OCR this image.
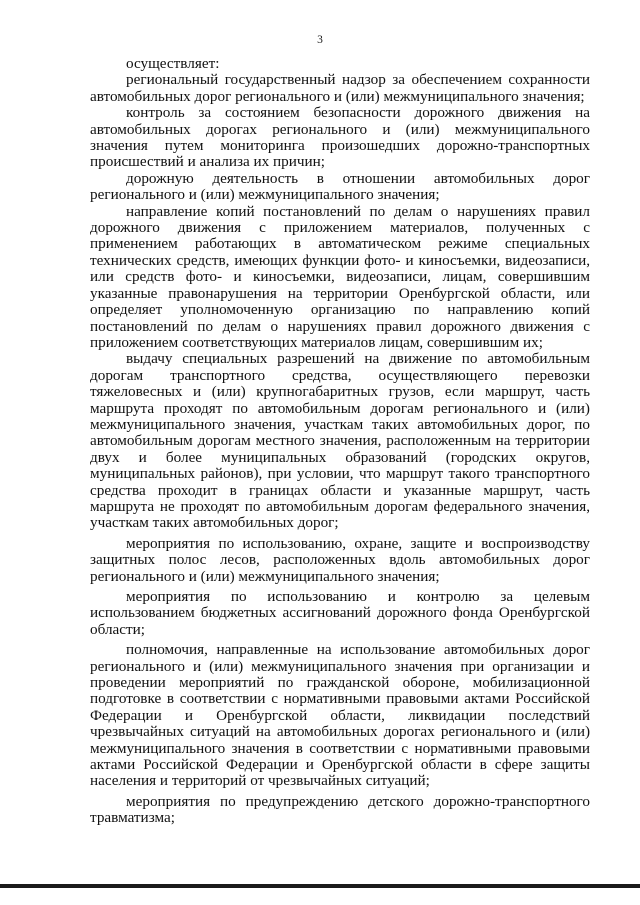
3

осуществляет:

региональный государственный надзор за обеспечением сохранности автомобильных дорог регионального и (или) межмуниципального значения;

контроль за состоянием безопасности дорожного движения на автомобильных дорогах регионального и (или) межмуниципального значения путем мониторинга произошедших дорожно-транспортных происшествий и анализа их причин;

дорожную деятельность в отношении автомобильных дорог регионального и (или) межмуниципального значения;

направление копий постановлений по делам о нарушениях правил дорожного движения с приложением материалов, полученных с применением работающих в автоматическом режиме специальных технических средств, имеющих функции фото- и киносъемки, видеозаписи, или средств фото- и киносъемки, видеозаписи, лицам, совершившим указанные правонарушения на территории Оренбургской области, или определяет уполномоченную организацию по направлению копий постановлений по делам о нарушениях правил дорожного движения с приложением соответствующих материалов лицам, совершившим их;

выдачу специальных разрешений на движение по автомобильным дорогам транспортного средства, осуществляющего перевозки тяжеловесных и (или) крупногабаритных грузов, если маршрут, часть маршрута проходят по автомобильным дорогам регионального и (или) межмуниципального значения, участкам таких автомобильных дорог, по автомобильным дорогам местного значения, расположенным на территории двух и более муниципальных образований (городских округов, муниципальных районов), при условии, что маршрут такого транспортного средства проходит в границах области и указанные маршрут, часть маршрута не проходят по автомобильным дорогам федерального значения, участкам таких автомобильных дорог;

мероприятия по использованию, охране, защите и воспроизводству защитных полос лесов, расположенных вдоль автомобильных дорог регионального и (или) межмуниципального значения;

мероприятия по использованию и контролю за целевым использованием бюджетных ассигнований дорожного фонда Оренбургской области;

полномочия, направленные на использование автомобильных дорог регионального и (или) межмуниципального значения при организации и проведении мероприятий по гражданской обороне, мобилизационной подготовке в соответствии с нормативными правовыми актами Российской Федерации и Оренбургской области, ликвидации последствий чрезвычайных ситуаций на автомобильных дорогах регионального и (или) межмуниципального значения в соответствии с нормативными правовыми актами Российской Федерации и Оренбургской области в сфере защиты населения и территорий от чрезвычайных ситуаций;

мероприятия по предупреждению детского дорожно-транспортного травматизма;
